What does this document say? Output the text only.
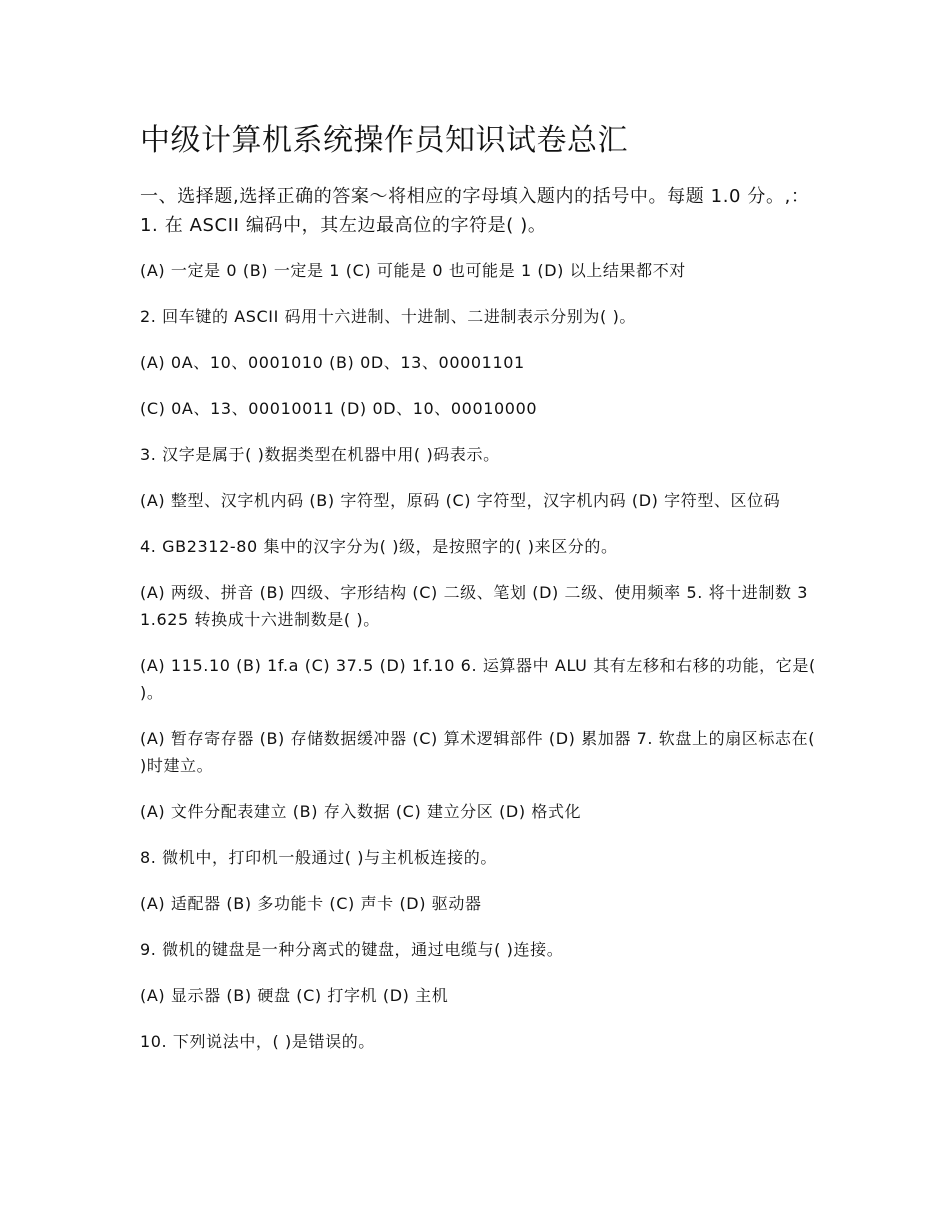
中级计算机系统操作员知识试卷总汇

一、选择题,选择正确的答案～将相应的字母填入题内的括号中。每题 1.0 分。,：1. 在 ASCII 编码中，其左边最高位的字符是( )。

(A) 一定是 0 (B) 一定是 1 (C) 可能是 0 也可能是 1 (D) 以上结果都不对

2. 回车键的 ASCII 码用十六进制、十进制、二进制表示分别为( )。

(A) 0A、10、0001010 (B) 0D、13、00001101

(C) 0A、13、00010011 (D) 0D、10、00010000

3. 汉字是属于( )数据类型在机器中用( )码表示。

(A) 整型、汉字机内码 (B) 字符型，原码 (C) 字符型，汉字机内码 (D) 字符型、区位码

4. GB2312-80 集中的汉字分为( )级，是按照字的( )来区分的。

(A) 两级、拼音 (B) 四级、字形结构 (C) 二级、笔划 (D) 二级、使用频率 5. 将十进制数 31.625 转换成十六进制数是( )。

(A) 115.10 (B) 1f.a (C) 37.5 (D) 1f.10 6. 运算器中 ALU 其有左移和右移的功能，它是( )。

(A) 暂存寄存器 (B) 存储数据缓冲器 (C) 算术逻辑部件 (D) 累加器 7. 软盘上的扇区标志在( )时建立。

(A) 文件分配表建立 (B) 存入数据 (C) 建立分区 (D) 格式化

8. 微机中，打印机一般通过( )与主机板连接的。

(A) 适配器 (B) 多功能卡 (C) 声卡 (D) 驱动器

9. 微机的键盘是一种分离式的键盘，通过电缆与( )连接。

(A) 显示器 (B) 硬盘 (C) 打字机 (D) 主机

10. 下列说法中，( )是错误的。
